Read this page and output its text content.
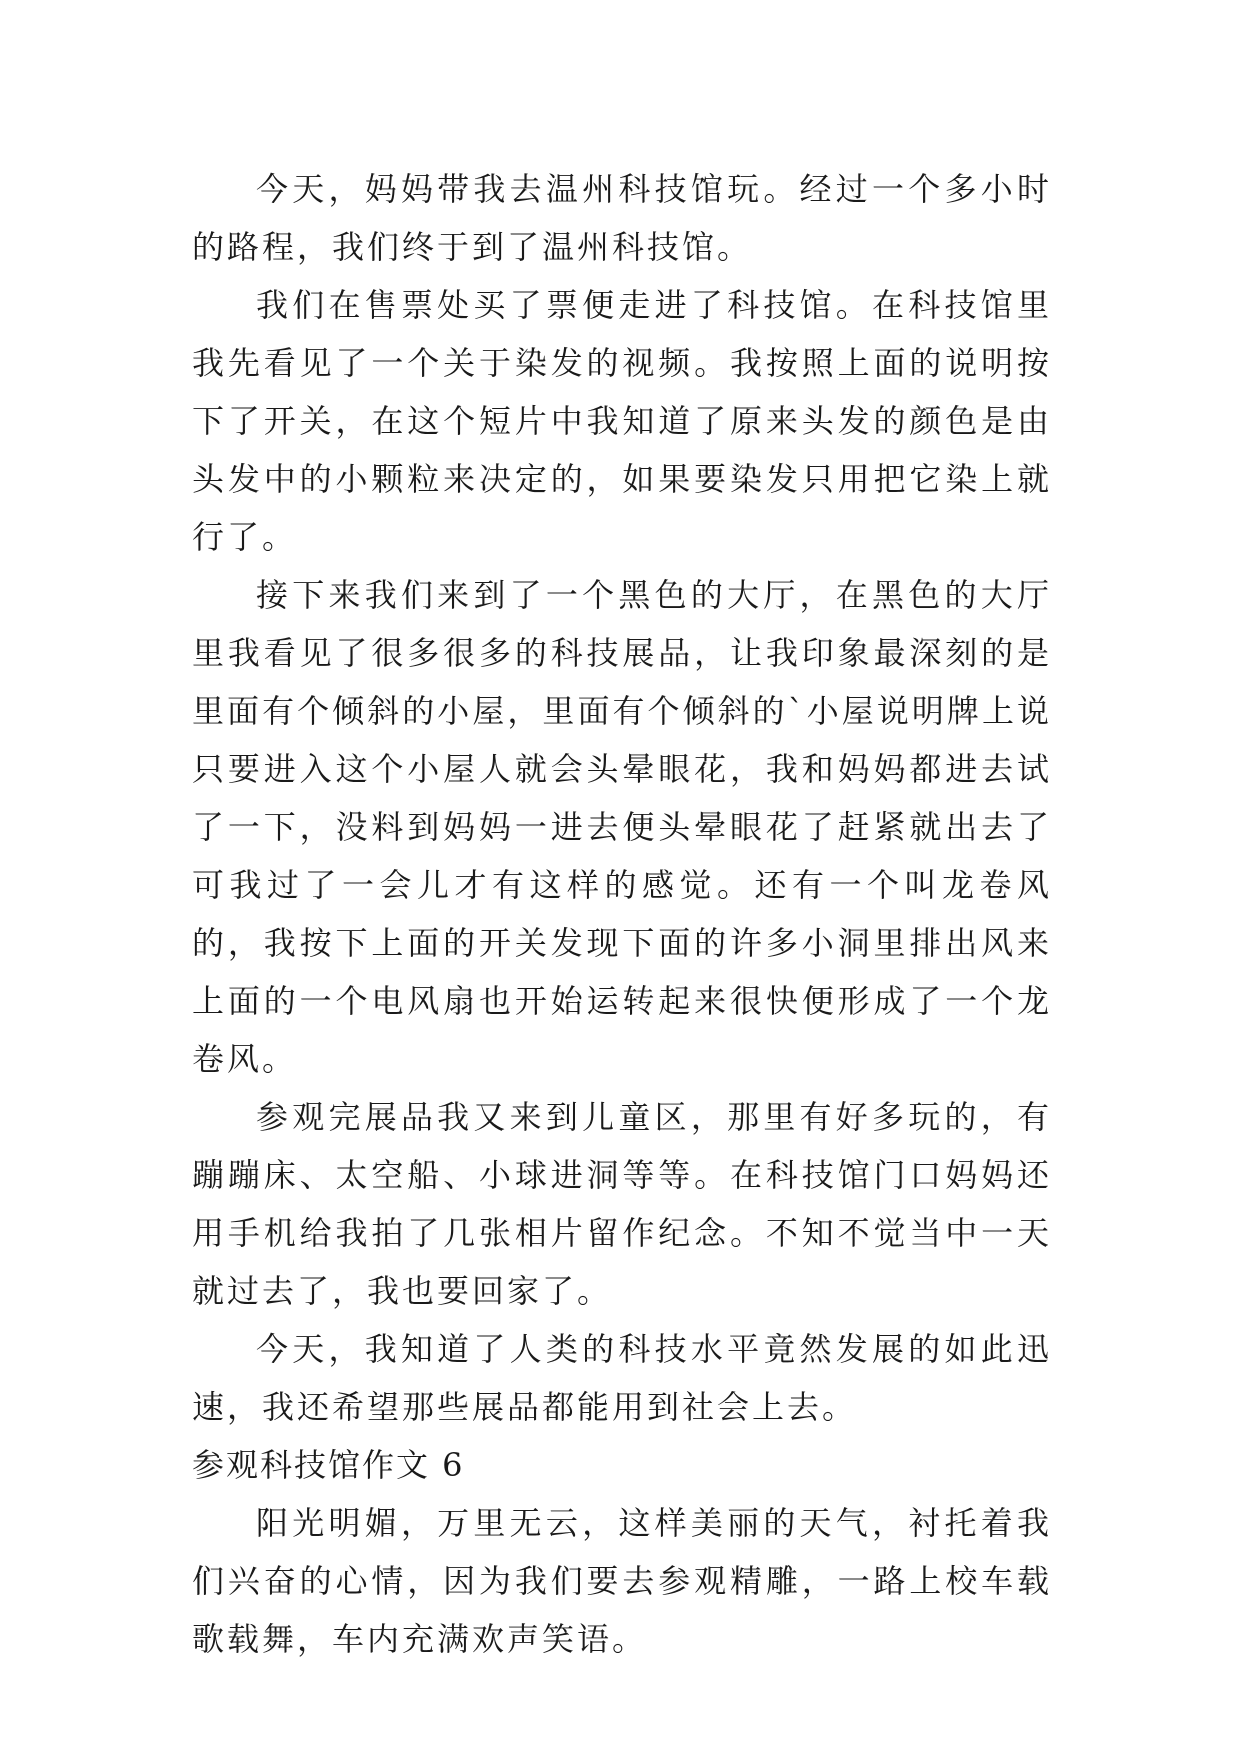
今天，妈妈带我去温州科技馆玩。经过一个多小时的路程，我们终于到了温州科技馆。

我们在售票处买了票便走进了科技馆。在科技馆里我先看见了一个关于染发的视频。我按照上面的说明按下了开关，在这个短片中我知道了原来头发的颜色是由头发中的小颗粒来决定的，如果要染发只用把它染上就行了。

接下来我们来到了一个黑色的大厅，在黑色的大厅里我看见了很多很多的科技展品，让我印象最深刻的是里面有个倾斜的小屋，里面有个倾斜的`小屋说明牌上说只要进入这个小屋人就会头晕眼花，我和妈妈都进去试了一下，没料到妈妈一进去便头晕眼花了赶紧就出去了可我过了一会儿才有这样的感觉。还有一个叫龙卷风的，我按下上面的开关发现下面的许多小洞里排出风来上面的一个电风扇也开始运转起来很快便形成了一个龙卷风。

参观完展品我又来到儿童区，那里有好多玩的，有蹦蹦床、太空船、小球进洞等等。在科技馆门口妈妈还用手机给我拍了几张相片留作纪念。不知不觉当中一天就过去了，我也要回家了。

今天，我知道了人类的科技水平竟然发展的如此迅速，我还希望那些展品都能用到社会上去。

参观科技馆作文 6

阳光明媚，万里无云，这样美丽的天气，衬托着我们兴奋的心情，因为我们要去参观精雕，一路上校车载歌载舞，车内充满欢声笑语。
